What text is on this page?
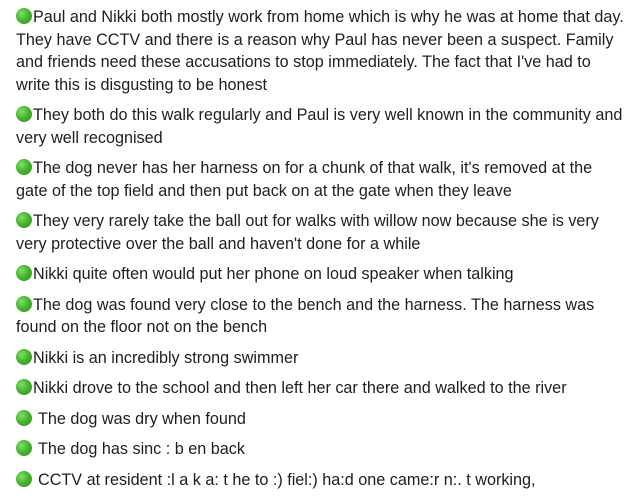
Paul and Nikki both mostly work from home which is why he was at home that day. They have CCTV and there is a reason why Paul has never been a suspect. Family and friends need these accusations to stop immediately. The fact that I've had to write this is disgusting to be honest
They both do this walk regularly and Paul is very well known in the community and very well recognised
The dog never has her harness on for a chunk of that walk, it's removed at the gate of the top field and then put back on at the gate when they leave
They very rarely take the ball out for walks with willow now because she is very very protective over the ball and haven't done for a while
Nikki quite often would put her phone on loud speaker when talking
The dog was found very close to the bench and the harness. The harness was found on the floor not on the bench
Nikki is an incredibly strong swimmer
Nikki drove to the school and then left her car there and walked to the river
The dog was dry when found
The dog has sinc : b en back
CCTV at resident :l a k a: t he to :) fiel:) ha:d one came:r n:. t working,
